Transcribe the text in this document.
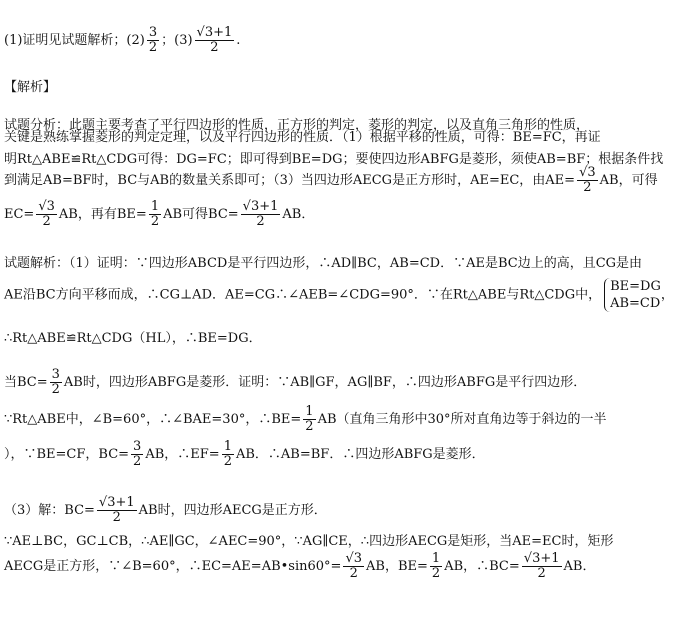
(1)证明见试题解析；$(2) \frac{3}{2}$ ；$(3) \frac{√3+1}{2}$ .
【解析】
试题分析：此题主要考查了平行四边形的性质，正方形的判定，菱形的判定，以及直角三角形的性质，
关键是熟练掌握菱形的判定定理，以及平行四边形的性质．（1）根据平移的性质，可得：BE=FC，再证
明Rt△ABE≌Rt△CDG可得：DG=FC；即可得到BE=DG；要使四边形ABFG是菱形，须使AB=BF；根据条件找
到满足AB=BF时，BC与AB的数量关系即可；（3）当四边形AECG是正方形时，AE=EC，由$AE= \frac{√3}{2}$ AB，可得
$EC= \frac{√3}{2}$ AB，再有$BE= \frac{1}{2}$ AB可得$BC= \frac{√3+1}{2}$ AB．
试题解析：（1）证明：∵四边形ABCD是平行四边形，∴AD∥BC，AB=CD．∵AE是BC边上的高，且CG是由
AE沿BC方向平移而成，∴CG⊥AD．AE=CG∴∠AEB=∠CDG=90°．∵在Rt△ABE与Rt△CDG中，
BE=DG
AB=CD
，
∴Rt△ABE≌Rt△CDG（HL），∴BE=DG．
当$BC= \frac{3}{2}$ AB时，四边形ABFG是菱形．证明：∵AB∥GF，AG∥BF，∴四边形ABFG是平行四边形．
∵Rt△ABE中，∠B=60°，∴∠BAE=30°，∴BE= $\frac{1}{2} AB$（直角三角形中30°所对直角边等于斜边的一半
），∵BE=CF，$BC= \frac{3}{2}$ AB，∴EF= $\frac{1}{2}$ AB．∴AB=BF．∴四边形ABFG是菱形．
（3）解：$BC= \frac{√3+1}{2}$ AB时，四边形AECG是正方形．
∵AE⊥BC，GC⊥CB，∴AE∥GC，∠AEC=90°，∵AG∥CE，∴四边形AECG是矩形，当AE=EC时，矩形
AECG是正方形，∵∠B=60°，∴EC=AE=AB•sin60°= $\frac{√3}{2}$ AB，$BE= \frac{1}{2}$ AB，∴BC= $\frac{√3+1}{2}$ AB．
